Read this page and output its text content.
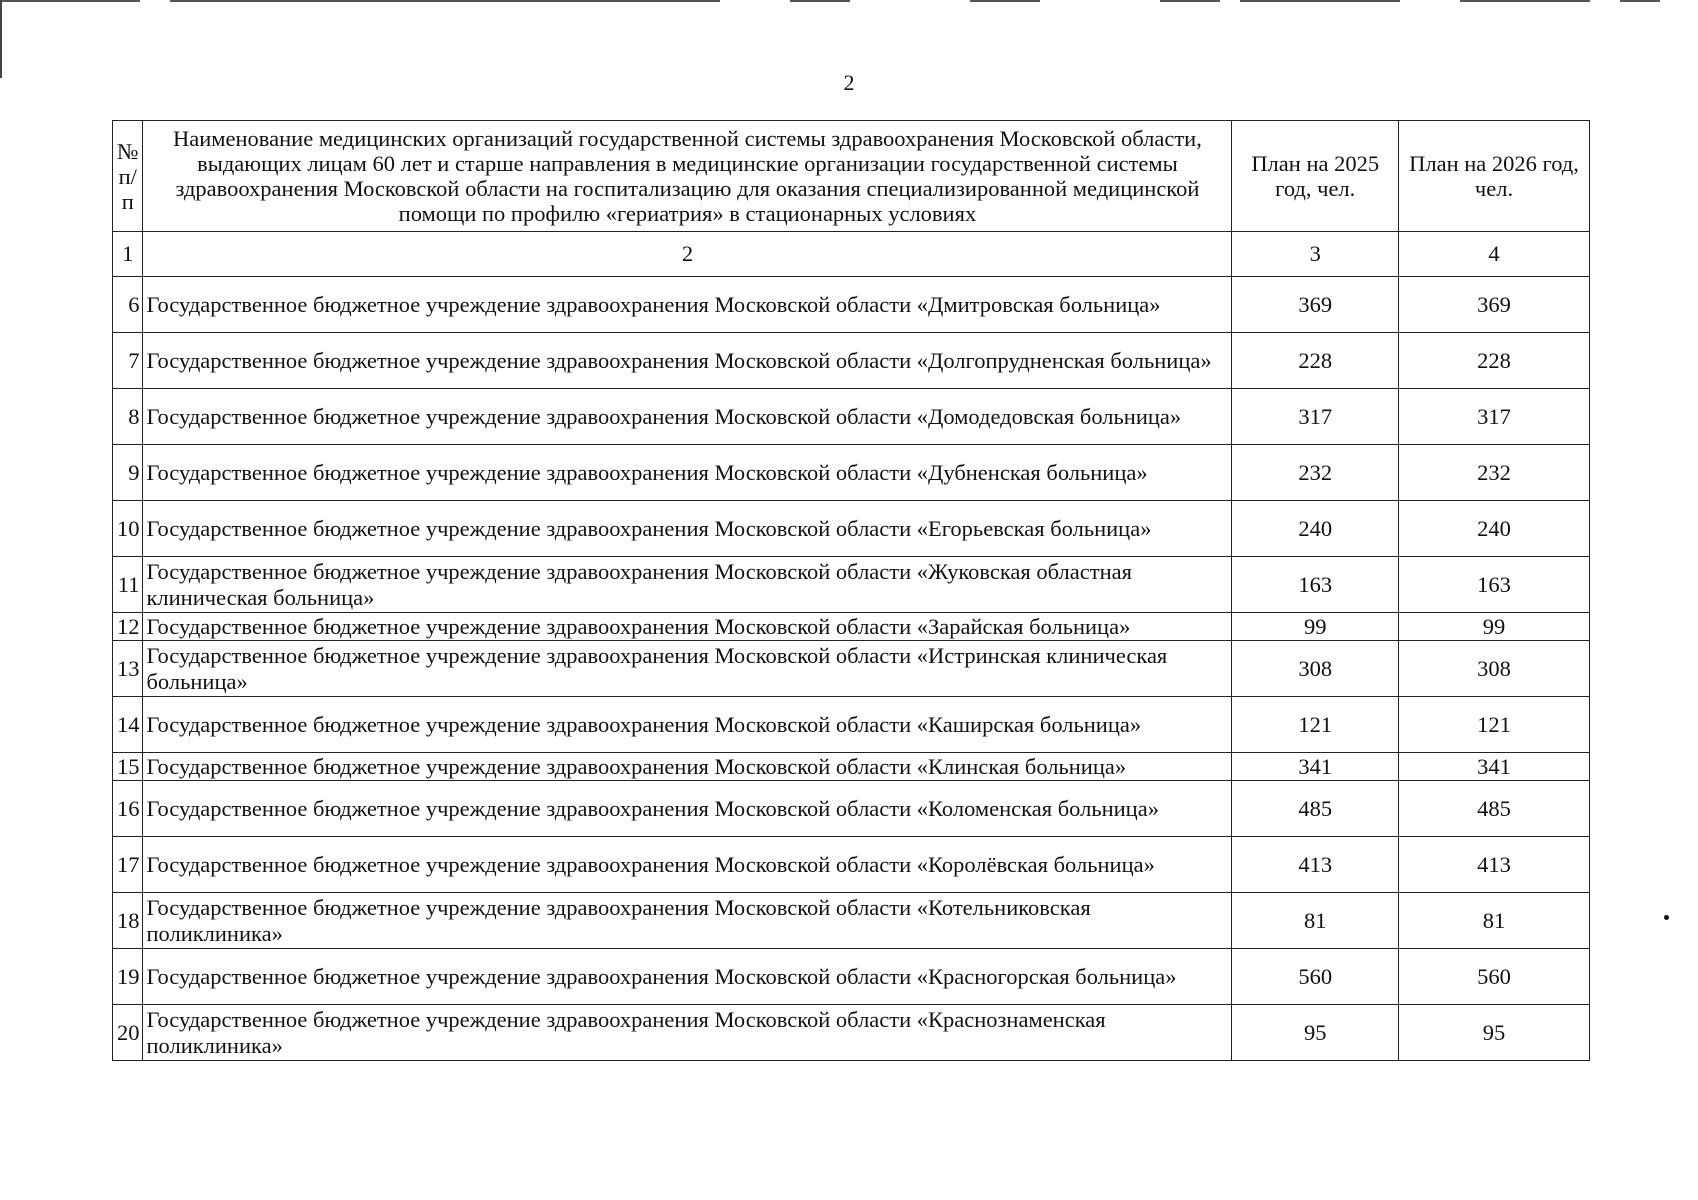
2
№ п/п	Наименование медицинских организаций государственной системы здравоохранения Московской области, выдающих лицам 60 лет и старше направления в медицинские организации государственной системы здравоохранения Московской области на госпитализацию для оказания специализированной медицинской помощи по профилю «гериатрия» в стационарных условиях	План на 2025 год, чел.	План на 2026 год, чел.
1	2	3	4
6	Государственное бюджетное учреждение здравоохранения Московской области «Дмитровская больница»	369	369
7	Государственное бюджетное учреждение здравоохранения Московской области «Долгопрудненская больница»	228	228
8	Государственное бюджетное учреждение здравоохранения Московской области «Домодедовская больница»	317	317
9	Государственное бюджетное учреждение здравоохранения Московской области «Дубненская больница»	232	232
10	Государственное бюджетное учреждение здравоохранения Московской области «Егорьевская больница»	240	240
11	Государственное бюджетное учреждение здравоохранения Московской области «Жуковская областная клиническая больница»	163	163
12	Государственное бюджетное учреждение здравоохранения Московской области «Зарайская больница»	99	99
13	Государственное бюджетное учреждение здравоохранения Московской области «Истринская клиническая больница»	308	308
14	Государственное бюджетное учреждение здравоохранения Московской области «Каширская больница»	121	121
15	Государственное бюджетное учреждение здравоохранения Московской области «Клинская больница»	341	341
16	Государственное бюджетное учреждение здравоохранения Московской области «Коломенская больница»	485	485
17	Государственное бюджетное учреждение здравоохранения Московской области «Королёвская больница»	413	413
18	Государственное бюджетное учреждение здравоохранения Московской области «Котельниковская поликлиника»	81	81
19	Государственное бюджетное учреждение здравоохранения Московской области «Красногорская больница»	560	560
20	Государственное бюджетное учреждение здравоохранения Московской области «Краснознаменская поликлиника»	95	95
